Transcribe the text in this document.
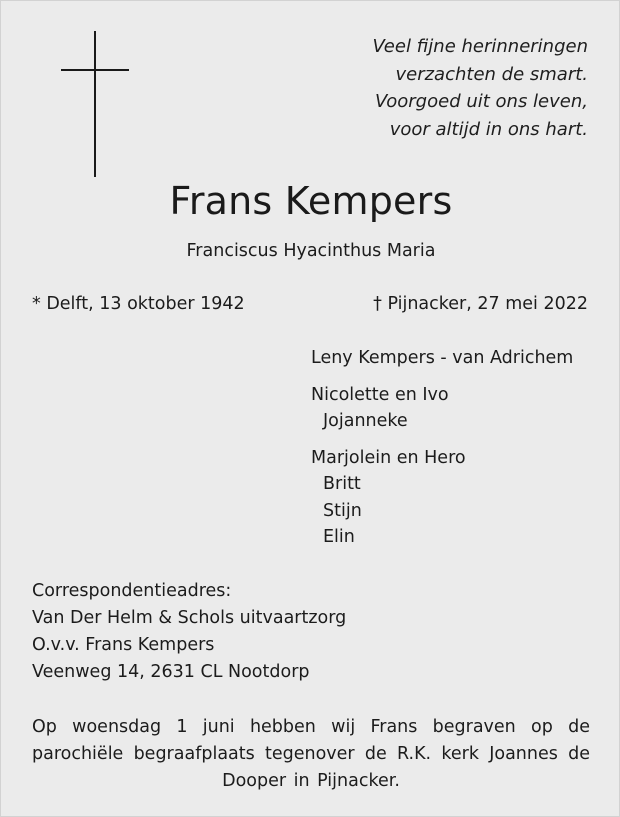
Veel fijne herinneringen
verzachten de smart.
Voorgoed uit ons leven,
voor altijd in ons hart.
Frans Kempers
Franciscus Hyacinthus Maria
* Delft, 13 oktober 1942	† Pijnacker, 27 mei 2022
Leny Kempers - van Adrichem
Nicolette en Ivo
Jojanneke
Marjolein en Hero
Britt
Stijn
Elin
Correspondentieadres:
Van Der Helm & Schols uitvaartzorg
O.v.v. Frans Kempers
Veenweg 14, 2631 CL Nootdorp
Op woensdag 1 juni hebben wij Frans begraven op de parochiële begraafplaats tegenover de R.K. kerk Joannes de Dooper in Pijnacker.
